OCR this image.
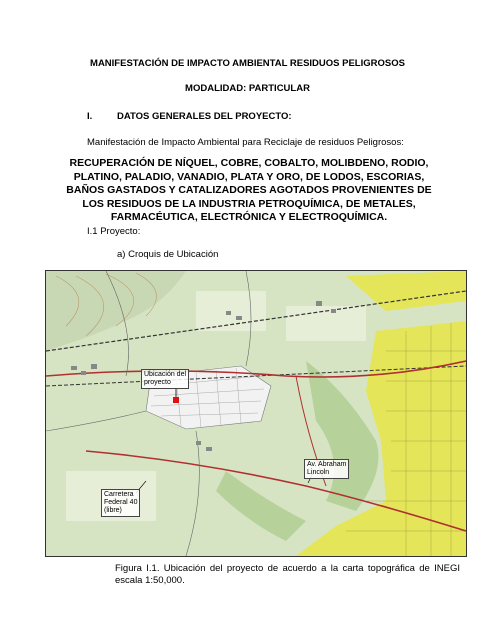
MANIFESTACIÓN DE IMPACTO AMBIENTAL RESIDUOS PELIGROSOS
MODALIDAD: PARTICULAR
I.	DATOS GENERALES DEL PROYECTO:
Manifestación de Impacto Ambiental para Reciclaje de residuos Peligrosos:
RECUPERACIÓN DE NÍQUEL, COBRE, COBALTO, MOLIBDENO, RODIO, PLATINO, PALADIO, VANADIO, PLATA Y ORO, DE LODOS, ESCORIAS, BAÑOS GASTADOS Y CATALIZADORES AGOTADOS PROVENIENTES DE LOS RESIDUOS DE LA INDUSTRIA PETROQUÍMICA, DE METALES, FARMACÉUTICA, ELECTRÓNICA Y ELECTROQUÍMICA.
I.1 Proyecto:
a) Croquis de Ubicación
Ubicación del
proyecto
Av. Abraham
Lincoln
Carretera
Federal 40
(libre)
Figura I.1. Ubicación del proyecto de acuerdo a la carta topográfica de INEGI escala 1:50,000.
